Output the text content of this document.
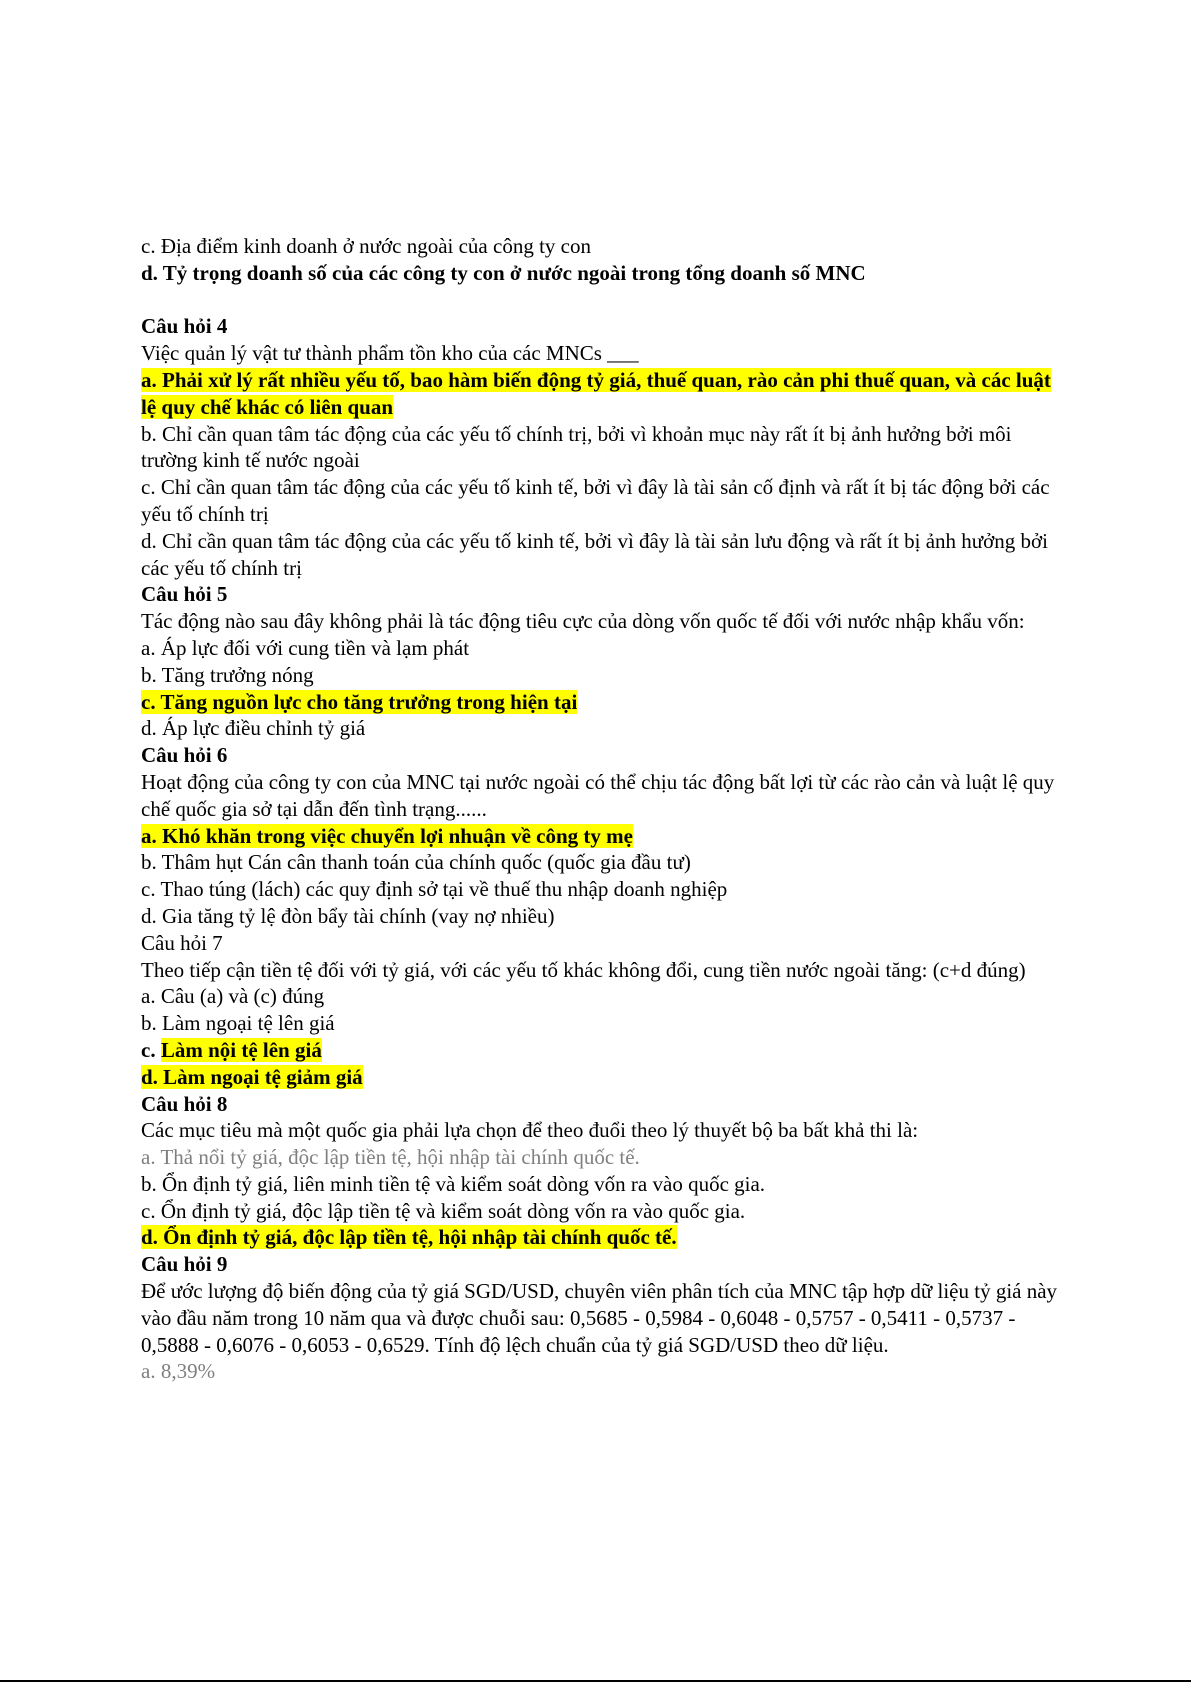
c. Địa điểm kinh doanh ở nước ngoài của công ty con

d. Tỷ trọng doanh số của các công ty con ở nước ngoài trong tổng doanh số MNC

Câu hỏi 4

Việc quản lý vật tư thành phẩm tồn kho của các MNCs ___

a. Phải xử lý rất nhiều yếu tố, bao hàm biến động tỷ giá, thuế quan, rào cản phi thuế quan, và các luật lệ quy chế khác có liên quan

b. Chỉ cần quan tâm tác động của các yếu tố chính trị, bởi vì khoản mục này rất ít bị ảnh hưởng bởi môi trường kinh tế nước ngoài

c. Chỉ cần quan tâm tác động của các yếu tố kinh tế, bởi vì đây là tài sản cố định và rất ít bị tác động bởi các yếu tố chính trị

d. Chỉ cần quan tâm tác động của các yếu tố kinh tế, bởi vì đây là tài sản lưu động và rất ít bị ảnh hưởng bởi các yếu tố chính trị

Câu hỏi 5

Tác động nào sau đây không phải là tác động tiêu cực của dòng vốn quốc tế đối với nước nhập khẩu vốn:

a. Áp lực đối với cung tiền và lạm phát

b. Tăng trưởng nóng

c. Tăng nguồn lực cho tăng trưởng trong hiện tại

d. Áp lực điều chỉnh tỷ giá

Câu hỏi 6

Hoạt động của công ty con của MNC tại nước ngoài có thể chịu tác động bất lợi từ các rào cản và luật lệ quy chế quốc gia sở tại dẫn đến tình trạng......

a. Khó khăn trong việc chuyển lợi nhuận về công ty mẹ

b. Thâm hụt Cán cân thanh toán của chính quốc (quốc gia đầu tư)

c. Thao túng (lách) các quy định sở tại về thuế thu nhập doanh nghiệp

d. Gia tăng tỷ lệ đòn bẩy tài chính (vay nợ nhiều)

Câu hỏi 7

Theo tiếp cận tiền tệ đối với tỷ giá, với các yếu tố khác không đổi, cung tiền nước ngoài tăng: (c+d đúng)

a. Câu (a) và (c) đúng

b. Làm ngoại tệ lên giá

c. Làm nội tệ lên giá

d. Làm ngoại tệ giảm giá

Câu hỏi 8

Các mục tiêu mà một quốc gia phải lựa chọn để theo đuổi theo lý thuyết bộ ba bất khả thi là:

a. Thả nổi tỷ giá, độc lập tiền tệ, hội nhập tài chính quốc tế.

b. Ổn định tỷ giá, liên minh tiền tệ và kiểm soát dòng vốn ra vào quốc gia.

c. Ổn định tỷ giá, độc lập tiền tệ và kiểm soát dòng vốn ra vào quốc gia.

d. Ổn định tỷ giá, độc lập tiền tệ, hội nhập tài chính quốc tế.

Câu hỏi 9

Để ước lượng độ biến động của tỷ giá SGD/USD, chuyên viên phân tích của MNC tập hợp dữ liệu tỷ giá này vào đầu năm trong 10 năm qua và được chuỗi sau: 0,5685 - 0,5984 - 0,6048 - 0,5757 - 0,5411 - 0,5737 - 0,5888 - 0,6076 - 0,6053 - 0,6529. Tính độ lệch chuẩn của tỷ giá SGD/USD theo dữ liệu.

a. 8,39%
